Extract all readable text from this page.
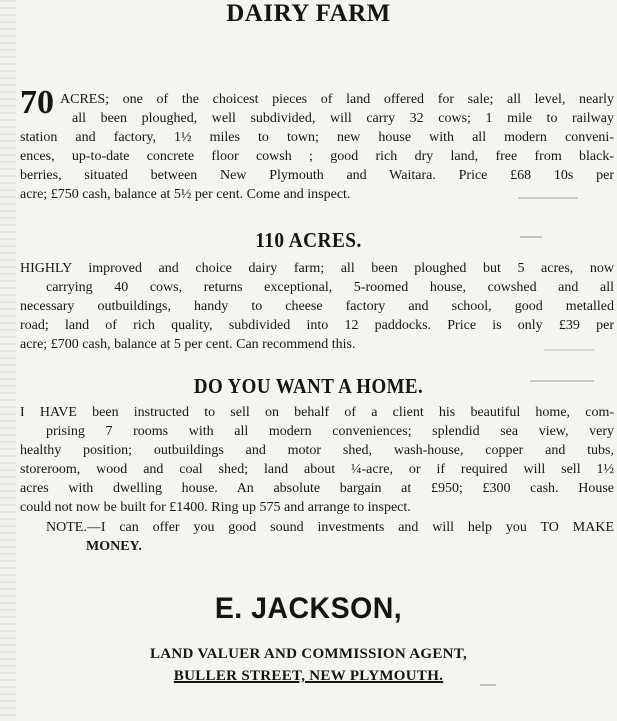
DAIRY FARM
70 ACRES; one of the choicest pieces of land offered for sale; all level, nearly
all been ploughed, well subdivided, will carry 32 cows; 1 mile to railway
station and factory, 1½ miles to town; new house with all modern conveni-
ences, up-to-date concrete floor cowsh ; good rich dry land, free from black-
berries, situated between New Plymouth and Waitara. Price £68 10s per
acre; £750 cash, balance at 5½ per cent. Come and inspect.
110 ACRES.
HIGHLY improved and choice dairy farm; all been ploughed but 5 acres, now
carrying 40 cows, returns exceptional, 5-roomed house, cowshed and all
necessary outbuildings, handy to cheese factory and school, good metalled
road; land of rich quality, subdivided into 12 paddocks. Price is only £39 per
acre; £700 cash, balance at 5 per cent. Can recommend this.
DO YOU WANT A HOME.
I HAVE been instructed to sell on behalf of a client his beautiful home, com-
prising 7 rooms with all modern conveniences; splendid sea view, very
healthy position; outbuildings and motor shed, wash-house, copper and tubs,
storeroom, wood and coal shed; land about ¼-acre, or if required will sell 1½
acres with dwelling house. An absolute bargain at £950; £300 cash. House
could not now be built for £1400. Ring up 575 and arrange to inspect.
NOTE.—I can offer you good sound investments and will help you TO MAKE
MONEY.
E. JACKSON,
LAND VALUER AND COMMISSION AGENT,
BULLER STREET, NEW PLYMOUTH.
